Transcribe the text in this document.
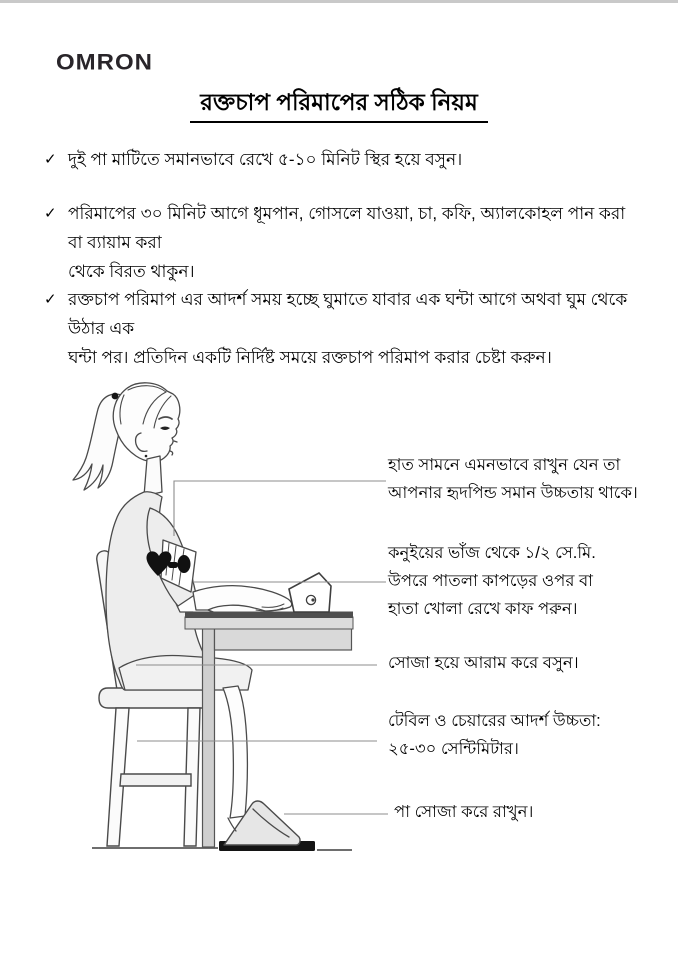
OMRON
রক্তচাপ পরিমাপের সঠিক নিয়ম
✓ দুই পা মাটিতে সমানভাবে রেখে ৫-১০ মিনিট স্থির হয়ে বসুন।
✓ পরিমাপের ৩০ মিনিট আগে ধূমপান, গোসলে যাওয়া, চা, কফি, অ্যালকোহল পান করা বা ব্যায়াম করা
থেকে বিরত থাকুন।
✓ রক্তচাপ পরিমাপ এর আদর্শ সময় হচ্ছে ঘুমাতে যাবার এক ঘন্টা আগে অথবা ঘুম থেকে উঠার এক
ঘন্টা পর। প্রতিদিন একটি নির্দিষ্ট সময়ে রক্তচাপ পরিমাপ করার চেষ্টা করুন।
হাত সামনে এমনভাবে রাখুন যেন তা
আপনার হৃদপিন্ড সমান উচ্চতায় থাকে।
কনুইয়ের ভাঁজ থেকে ১/২ সে.মি.
উপরে পাতলা কাপড়ের ওপর বা
হাতা খোলা রেখে কাফ পরুন।
সোজা হয়ে আরাম করে বসুন।
টেবিল ও চেয়ারের আদর্শ উচ্চতা:
২৫-৩০ সেন্টিমিটার।
পা সোজা করে রাখুন।
